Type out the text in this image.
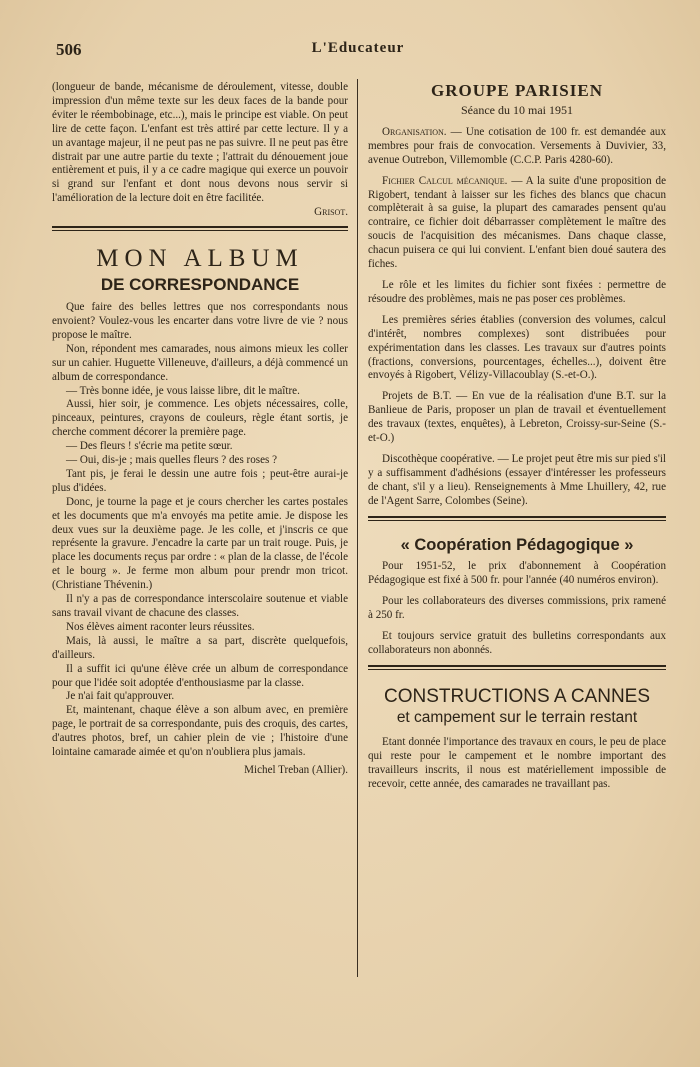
506	L'Educateur

(longueur de bande, mécanisme de déroulement, vitesse, double impression d'un même texte sur les deux faces de la bande pour éviter le réembobinage, etc...), mais le principe est viable. On peut lire de cette façon. L'enfant est très attiré par cette lecture. Il y a un avantage majeur, il ne peut pas ne pas suivre. Il ne peut pas être distrait par une autre partie du texte ; l'attrait du dénouement joue entièrement et puis, il y a ce cadre magique qui exerce un pouvoir si grand sur l'enfant et dont nous devons nous servir si l'amélioration de la lecture doit en être facilitée.

Grisot.

MON ALBUM
DE CORRESPONDANCE

Que faire des belles lettres que nos correspondants nous envoient? Voulez-vous les encarter dans votre livre de vie ? nous propose le maître.

Non, répondent mes camarades, nous aimons mieux les coller sur un cahier. Huguette Villeneuve, d'ailleurs, a déjà commencé un album de correspondance.

— Très bonne idée, je vous laisse libre, dit le maître.

Aussi, hier soir, je commence. Les objets nécessaires, colle, pinceaux, peintures, crayons de couleurs, règle étant sortis, je cherche comment décorer la première page.

— Des fleurs ! s'écrie ma petite sœur.

— Oui, dis-je ; mais quelles fleurs ? des roses ?

Tant pis, je ferai le dessin une autre fois ; peut-être aurai-je plus d'idées.

Donc, je tourne la page et je cours chercher les cartes postales et les documents que m'a envoyés ma petite amie. Je dispose les deux vues sur la deuxième page. Je les colle, et j'inscris ce que représente la gravure. J'encadre la carte par un trait rouge. Puis, je place les documents reçus par ordre : « plan de la classe, de l'école et le bourg ». Je ferme mon album pour prendr mon tricot. (Christiane Thévenin.)

Il n'y a pas de correspondance interscolaire soutenue et viable sans travail vivant de chacune des classes.

Nos élèves aiment raconter leurs réussites.

Mais, là aussi, le maître a sa part, discrète quelquefois, d'ailleurs.

Il a suffit ici qu'une élève crée un album de correspondance pour que l'idée soit adoptée d'enthousiasme par la classe.

Je n'ai fait qu'approuver.

Et, maintenant, chaque élève a son album avec, en première page, le portrait de sa correspondante, puis des croquis, des cartes, d'autres photos, bref, un cahier plein de vie ; l'histoire d'une lointaine camarade aimée et qu'on n'oubliera plus jamais.

Michel Treban (Allier).

GROUPE PARISIEN

Séance du 10 mai 1951

Organisation. — Une cotisation de 100 fr. est demandée aux membres pour frais de convocation. Versements à Duvivier, 33, avenue Outrebon, Villemomble (C.C.P. Paris 4280-60).

Fichier Calcul mécanique. — A la suite d'une proposition de Rigobert, tendant à laisser sur les fiches des blancs que chacun complèterait à sa guise, la plupart des camarades pensent qu'au contraire, ce fichier doit débarrasser complètement le maître des soucis de l'acquisition des mécanismes. Dans chaque classe, chacun puisera ce qui lui convient. L'enfant bien doué sautera des fiches.

Le rôle et les limites du fichier sont fixées : permettre de résoudre des problèmes, mais ne pas poser ces problèmes.

Les premières séries établies (conversion des volumes, calcul d'intérêt, nombres complexes) sont distribuées pour expérimentation dans les classes. Les travaux sur d'autres points (fractions, conversions, pourcentages, échelles...), doivent être envoyés à Rigobert, Vélizy-Villacoublay (S.-et-O.).

Projets de B.T. — En vue de la réalisation d'une B.T. sur la Banlieue de Paris, proposer un plan de travail et éventuellement des travaux (textes, enquêtes), à Lebreton, Croissy-sur-Seine (S.-et-O.)

Discothèque coopérative. — Le projet peut être mis sur pied s'il y a suffisamment d'adhésions (essayer d'intéresser les professeurs de chant, s'il y a lieu). Renseignements à Mme Lhuillery, 42, rue de l'Agent Sarre, Colombes (Seine).

« Coopération Pédagogique »

Pour 1951-52, le prix d'abonnement à Coopération Pédagogique est fixé à 500 fr. pour l'année (40 numéros environ).

Pour les collaborateurs des diverses commissions, prix ramené à 250 fr.

Et toujours service gratuit des bulletins correspondants aux collaborateurs non abonnés.

CONSTRUCTIONS A CANNES
et campement sur le terrain restant

Etant donnée l'importance des travaux en cours, le peu de place qui reste pour le campement et le nombre important des travailleurs inscrits, il nous est matériellement impossible de recevoir, cette année, des camarades ne travaillant pas.
